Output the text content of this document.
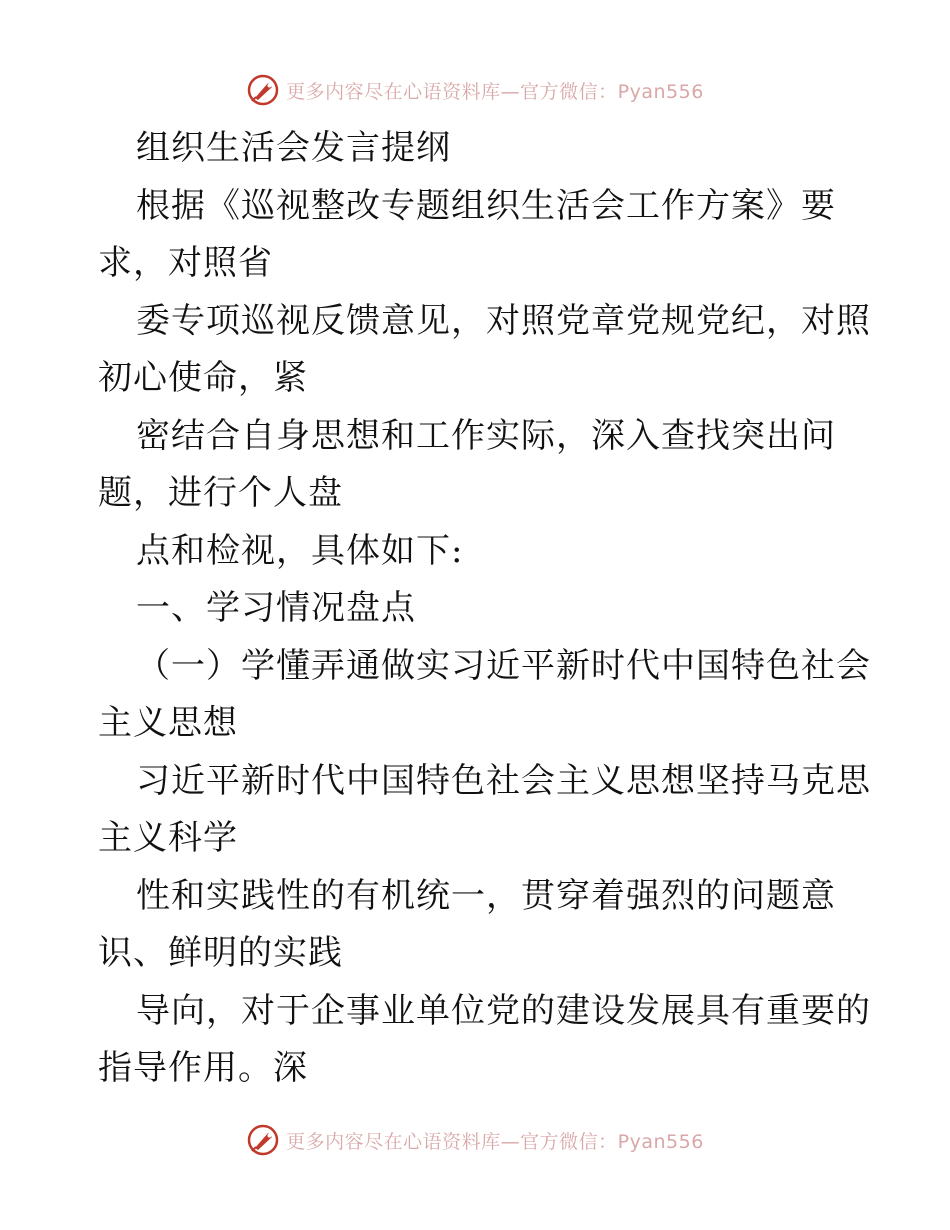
更多内容尽在心语资料库—官方微信：Pyan556
组织生活会发言提纲
根据《巡视整改专题组织生活会工作方案》要
求，对照省
委专项巡视反馈意见，对照党章党规党纪，对照
初心使命，紧
密结合自身思想和工作实际，深入查找突出问
题，进行个人盘
点和检视，具体如下:
一、学习情况盘点
（一）学懂弄通做实习近平新时代中国特色社会
主义思想
习近平新时代中国特色社会主义思想坚持马克思
主义科学
性和实践性的有机统一，贯穿着强烈的问题意
识、鲜明的实践
导向，对于企事业单位党的建设发展具有重要的
指导作用。深
更多内容尽在心语资料库—官方微信：Pyan556
